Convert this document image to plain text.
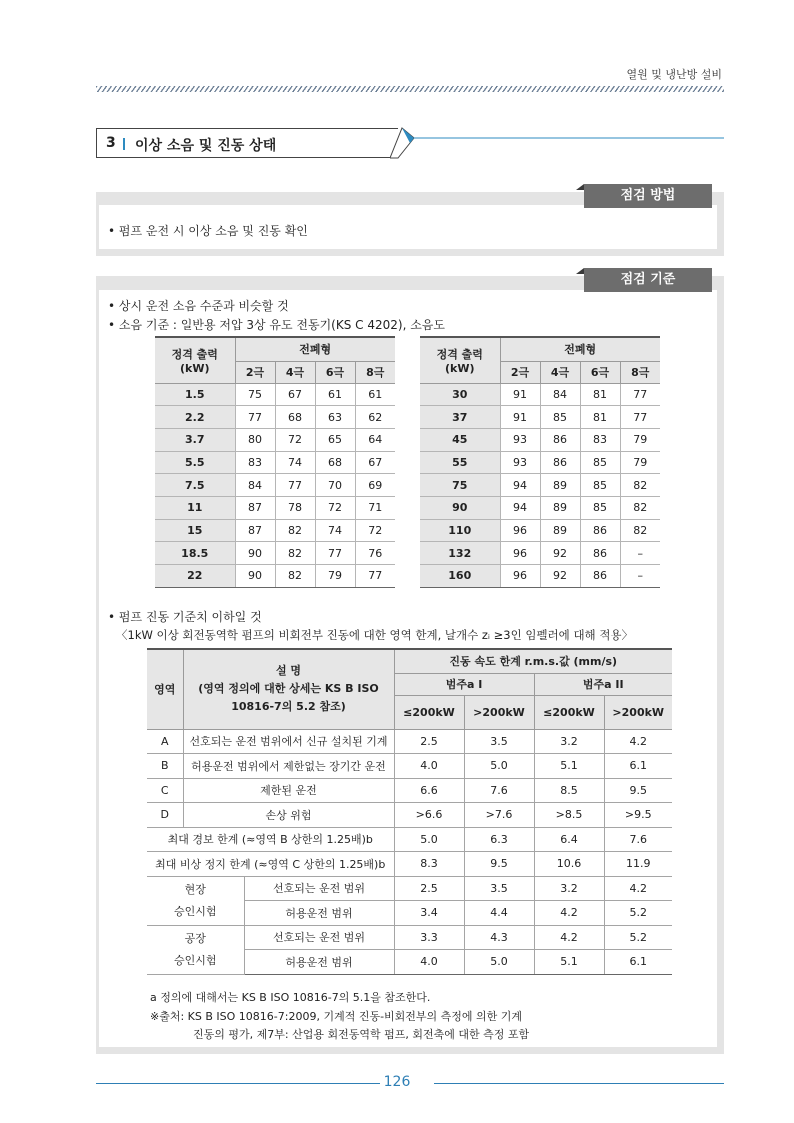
열원 및 냉난방 설비
3 이상 소음 및 진동 상태
점검 방법
• 펌프 운전 시 이상 소음 및 진동 확인
점검 기준
• 상시 운전 소음 수준과 비슷할 것
• 소음 기준 : 일반용 저압 3상 유도 전동기(KS C 4202), 소음도
정격 출력
(kW)	전폐형			
	2극	4극	6극	8극
1.5	75	67	61	61
2.2	77	68	63	62
3.7	80	72	65	64
5.5	83	74	68	67
7.5	84	77	70	69
11	87	78	72	71
15	87	82	74	72
18.5	90	82	77	76
22	90	82	79	77
정격 출력
(kW)	전폐형			
	2극	4극	6극	8극
30	91	84	81	77
37	91	85	81	77
45	93	86	83	79
55	93	86	85	79
75	94	89	85	82
90	94	89	85	82
110	96	89	86	82
132	96	92	86	–
160	96	92	86	–
• 펌프 진동 기준치 이하일 것
〈1kW 이상 회전동역학 펌프의 비회전부 진동에 대한 영역 한계, 날개수 zᵢ ≥3인 임펠러에 대해 적용〉
영역	설 명
(영역 정의에 대한 상세는 KS B ISO
10816-7의 5.2 참조)		진동 속도 한계 r.m.s.값 (mm/s)			
			범주a I		범주a II	
			≤200kW	>200kW	≤200kW	>200kW
A	선호되는 운전 범위에서 신규 설치된 기계		2.5	3.5	3.2	4.2
B	허용운전 범위에서 제한없는 장기간 운전		4.0	5.0	5.1	6.1
C	제한된 운전		6.6	7.6	8.5	9.5
D	손상 위험		>6.6	>7.6	>8.5	>9.5
최대 경보 한계 (≈영역 B 상한의 1.25배)b			5.0	6.3	6.4	7.6
최대 비상 정지 한계 (≈영역 C 상한의 1.25배)b			8.3	9.5	10.6	11.9
현장
승인시험		선호되는 운전 범위	2.5	3.5	3.2	4.2
		허용운전 범위	3.4	4.4	4.2	5.2
공장
승인시험		선호되는 운전 범위	3.3	4.3	4.2	5.2
		허용운전 범위	4.0	5.0	5.1	6.1
a 정의에 대해서는 KS B ISO 10816-7의 5.1을 참조한다.
※출처: KS B ISO 10816-7:2009, 기계적 진동-비회전부의 측정에 의한 기계
진동의 평가, 제7부: 산업용 회전동역학 펌프, 회전축에 대한 측정 포함
126
